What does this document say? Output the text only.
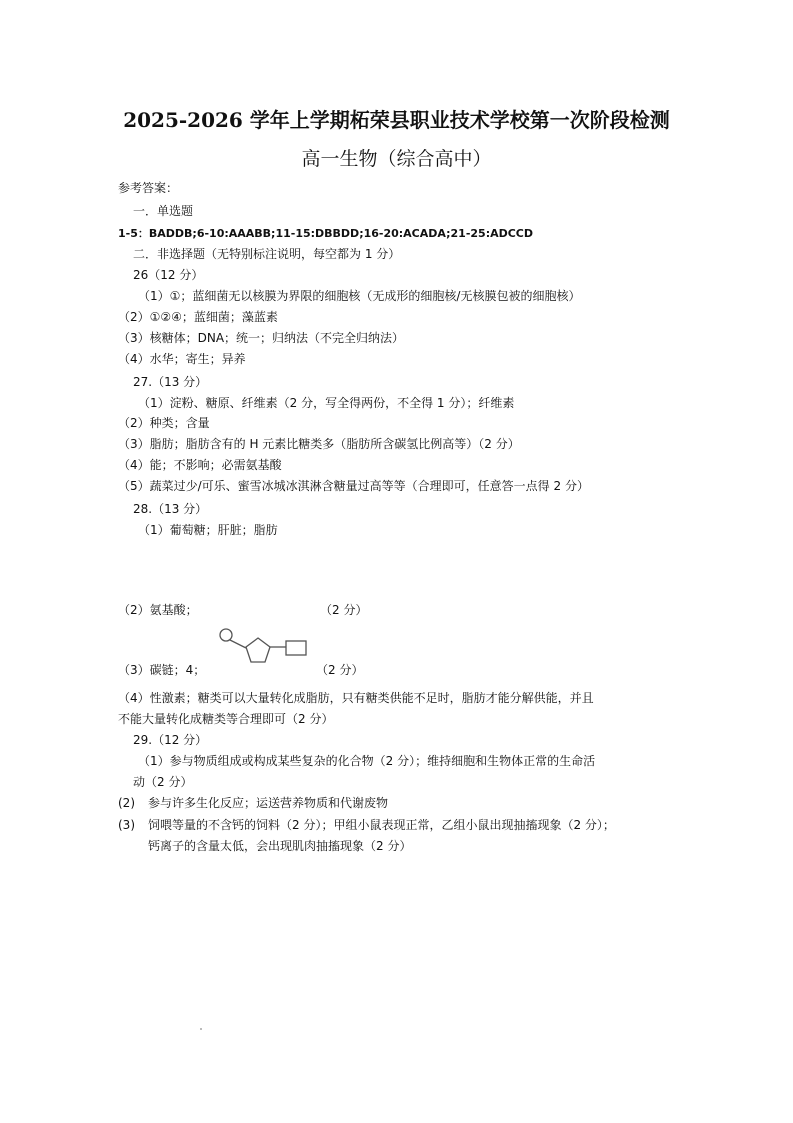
2025-2026 学年上学期柘荣县职业技术学校第一次阶段检测
高一生物（综合高中）
参考答案：
一．单选题
1-5：BADDB;6-10:AAABB;11-15:DBBDD;16-20:ACADA;21-25:ADCCD
二．非选择题（无特别标注说明，每空都为 1 分）
26（12 分）
（1）①；蓝细菌无以核膜为界限的细胞核（无成形的细胞核/无核膜包被的细胞核）
（2）①②④；蓝细菌；藻蓝素
（3）核糖体；DNA；统一；归纳法（不完全归纳法）
（4）水华；寄生；异养
27.（13 分）
（1）淀粉、糖原、纤维素（2 分，写全得两份，不全得 1 分）；纤维素
（2）种类；含量
（3）脂肪；脂肪含有的 H 元素比糖类多（脂肪所含碳氢比例高等）（2 分）
（4）能；不影响；必需氨基酸
（5）蔬菜过少/可乐、蜜雪冰城冰淇淋含糖量过高等等（合理即可，任意答一点得 2 分）
28.（13 分）
（1）葡萄糖；肝脏；脂肪
（2）氨基酸；	（2 分）
（3）碳链；4；	（2 分）
（4）性激素；糖类可以大量转化成脂肪，只有糖类供能不足时，脂肪才能分解供能，并且
不能大量转化成糖类等合理即可（2 分）
29.（12 分）
（1）参与物质组成或构成某些复杂的化合物（2 分）；维持细胞和生物体正常的生命活
动（2 分）
(2) 参与许多生化反应；运送营养物质和代谢废物
(3) 饲喂等量的不含钙的饲料（2 分）；甲组小鼠表现正常，乙组小鼠出现抽搐现象（2 分）；
钙离子的含量太低，会出现肌肉抽搐现象（2 分）
